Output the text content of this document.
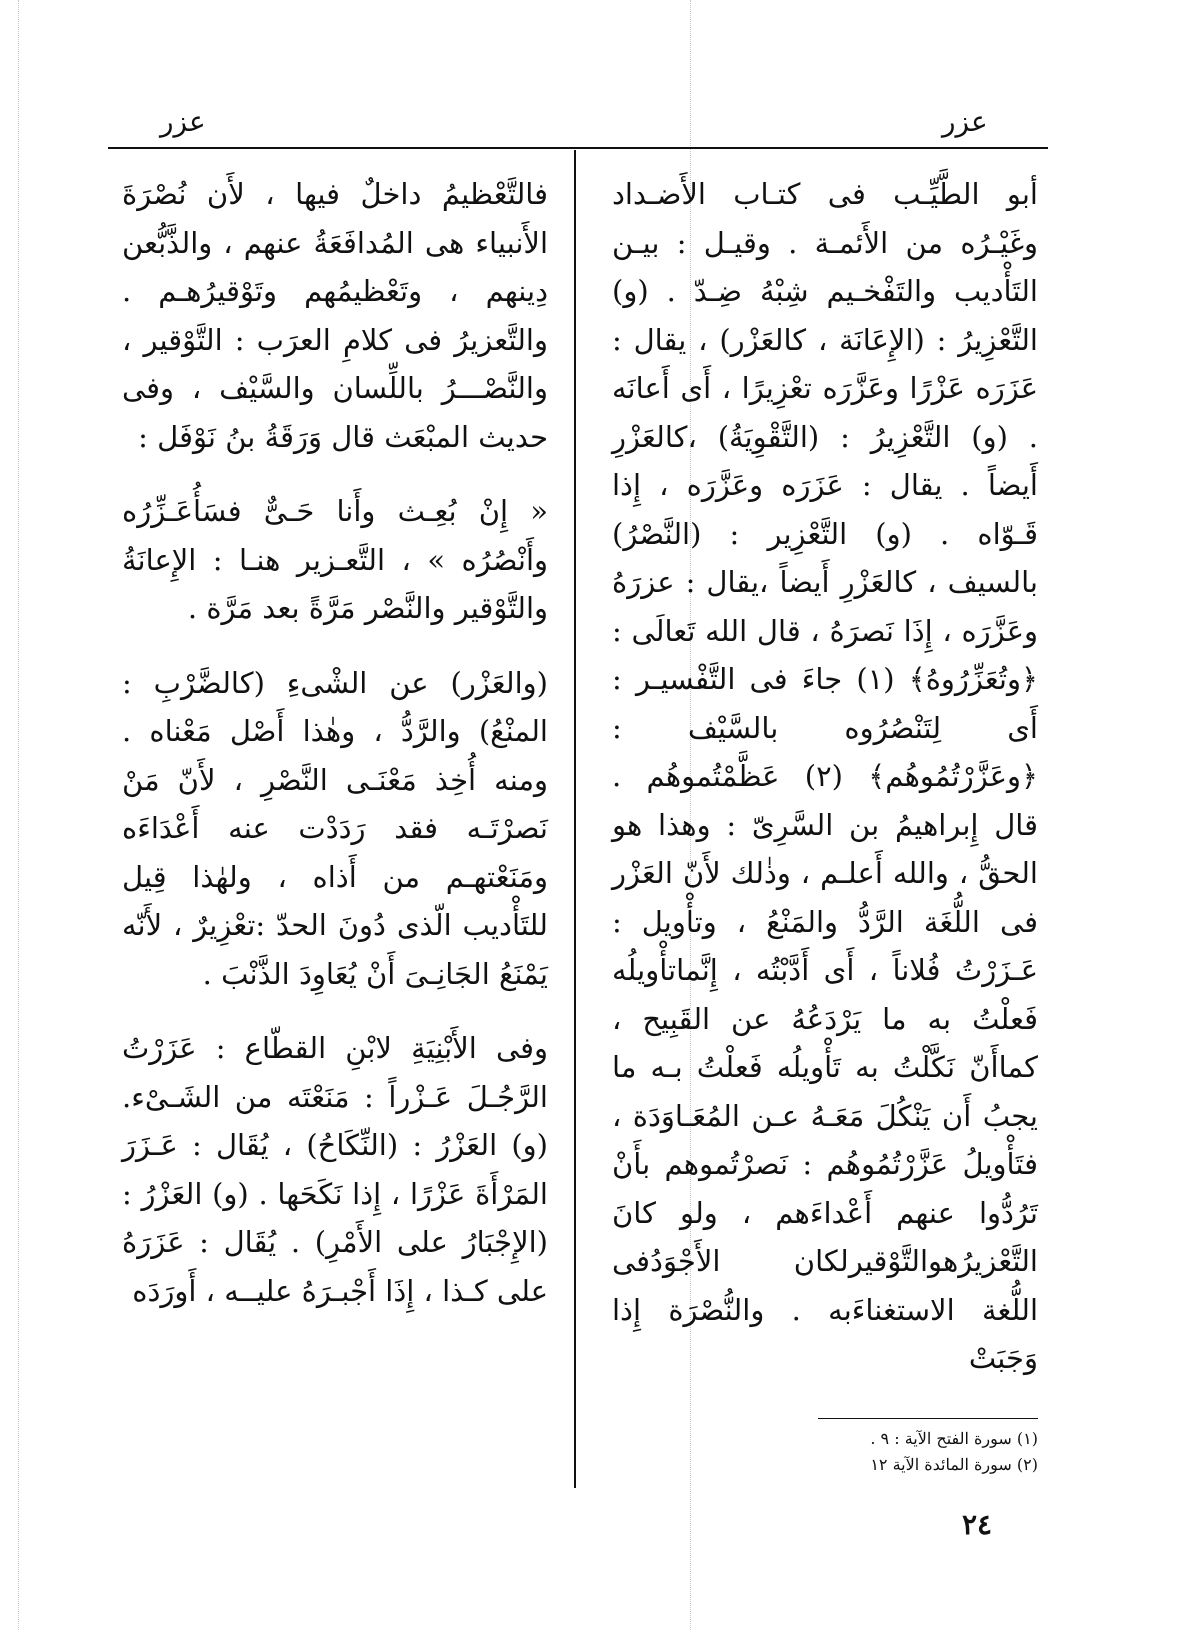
عزر
عزر

أبو الطَّيِّـب فى كتـاب الأَضـداد وغَيْـرُه من الأَئمـة . وقيـل : بيـن التَأْديب والتَفْخـيم شِبْهُ ضِـدّ . (و) التَّعْزِيرُ : (الإِعَانَة ، كالعَزْر) ، يقال : عَزَرَه عَزْرًا وعَزَّرَه تعْزِيرًا ، أَى أَعانَه . (و) التَّعْزِيرُ : (التَّقْوِيَةُ) ،كالعَزْرِ أَيضاً . يقال : عَزَرَه وعَزَّرَه ، إِذا قَـوّاه . (و) التَّعْزِير : (النَّصْرُ) بالسيف ، كالعَزْرِ أَيضاً ،يقال : عزرَهُ وعَزَّرَه ، إِذَا نَصرَهُ ، قال الله تَعالَى : ﴿وتُعَزِّرُوهُ﴾ (١) جاءَ فى التَّفْسيـر : أَى لِتَنْصُرُوه بالسَّيْف : ﴿وعَزَّرْتُمُوهُم﴾ (٢) عَظَّمْتُموهُم . قال إِبراهيمُ بن السَّرِىّ : وهذا هو الحقُّ ، والله أَعلـم ، وذٰلك لأَنّ العَزْر فى اللُّغَة الرَّدُّ والمَنْعُ ، وتأْويل : عَـزَرْتُ فُلاناً ، أَى أَدَّبْتُه ، إِنَّماتأْويلُه فَعلْتُ به ما يَرْدَعُهُ عن القَبِيح ، كماأَنّ نَكَّلْتُ به تَأْويلُه فَعلْتُ بـه ما يجبُ أَن يَنْكُلَ مَعَـهُ عـن المُعَـاوَدَة ، فتَأْويلُ عَزَّرْتُمُوهُم : نَصرْتُموهم بأَنْ تَرُدُّوا عنهم أَعْداءَهم ، ولو كانَ التَّعْزيرُهوالتَّوْقيرلكان الأَجْوَدُفى اللُّغة الاستغناءَبه . والنُّصْرَة إِذا وَجَبَتْ

فالتَّعْظيمُ داخلٌ فيها ، لأَن نُصْرَةَ الأَنبياء هى المُدافَعَةُ عنهم ، والذَّبُّعن دِينهم ، وتَعْظيمُهم وتَوْقيرُهـم . والتَّعزيرُ فى كلامِ العرَب : التَّوْقير ، والنَّصْـــرُ باللِّسان والسَّيْف ، وفى حديث المبْعَث قال وَرَقَةُ بنُ نَوْفَل :

« إِنْ بُعِـث وأَنا حَـىٌّ فسَأُعَـزِّرُه وأَنْصُرُه » ، التَّعـزير هنـا : الإِعانَةُ والتَّوْقير والنَّصْر مَرَّةً بعد مَرَّة .

(والعَزْر) عن الشْىءِ (كالضَّرْبِ : المنْعُ) والرَّدُّ ، وهٰذا أَصْل مَعْناه . ومنه أُخِذ مَعْنَـى النَّصْرِ ، لأَنّ مَنْ نَصرْتَـه فقد رَدَدْت عنه أَعْدَاءَه ومَنَعْتهـم من أَذاه ، ولهٰذا قِيل للتَأْديب الّذى دُونَ الحدّ :تعْزِيرٌ ، لأَنّه يَمْنَعُ الجَانِـىَ أَنْ يُعَاوِدَ الذَّنْبَ .

وفى الأَبْنِيَةِ لابْنِ القطّاع : عَزَرْتُ الرَّجُـلَ عَـزْراً : مَنَعْتَه من الشَـىْء. (و) العَزْرُ : (النِّكَاحُ) ، يُقَال : عَـزَرَ المَرْأَةَ عَزْرًا ، إِذا نَكَحَها . (و) العَزْرُ : (الإِجْبَارُ على الأَمْرِ) . يُقَال : عَزَرَهُ على كـذا ، إِذَا أَجْبـرَهُ عليــه ، أَورَدَه

(١) سورة الفتح الآية : ٩ .
(٢) سورة المائدة الآية ١٢
٢٤
